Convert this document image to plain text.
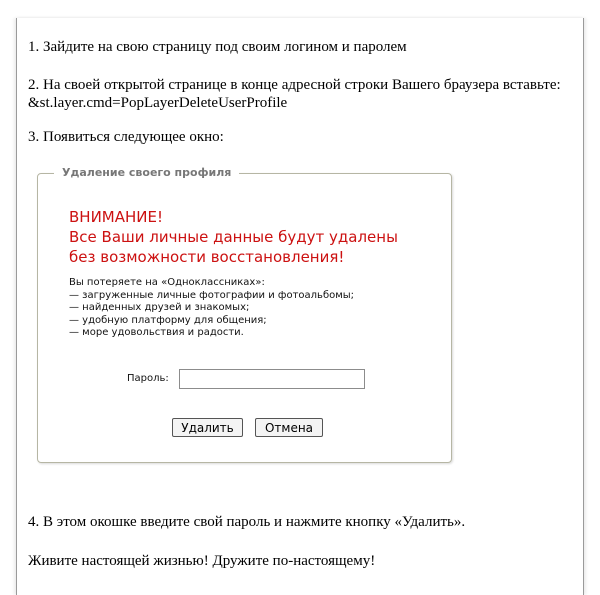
1. Зайдите на свою страницу под своим логином и паролем

2. На своей открытой странице в конце адресной строки Вашего браузера вставьте:
&st.layer.cmd=PopLayerDeleteUserProfile

3. Появиться следующее окно:

Удаление своего профиля

ВНИМАНИЕ!
Все Ваши личные данные будут удалены
без возможности восстановления!

Вы потеряете на «Одноклассниках»:
— загруженные личные фотографии и фотоальбомы;
— найденных друзей и знакомых;
— удобную платформу для общения;
— море удовольствия и радости.
Пароль:
Удалить	Отмена

4. В этом окошке введите свой пароль и нажмите кнопку «Удалить».

Живите настоящей жизнью! Дружите по-настоящему!
